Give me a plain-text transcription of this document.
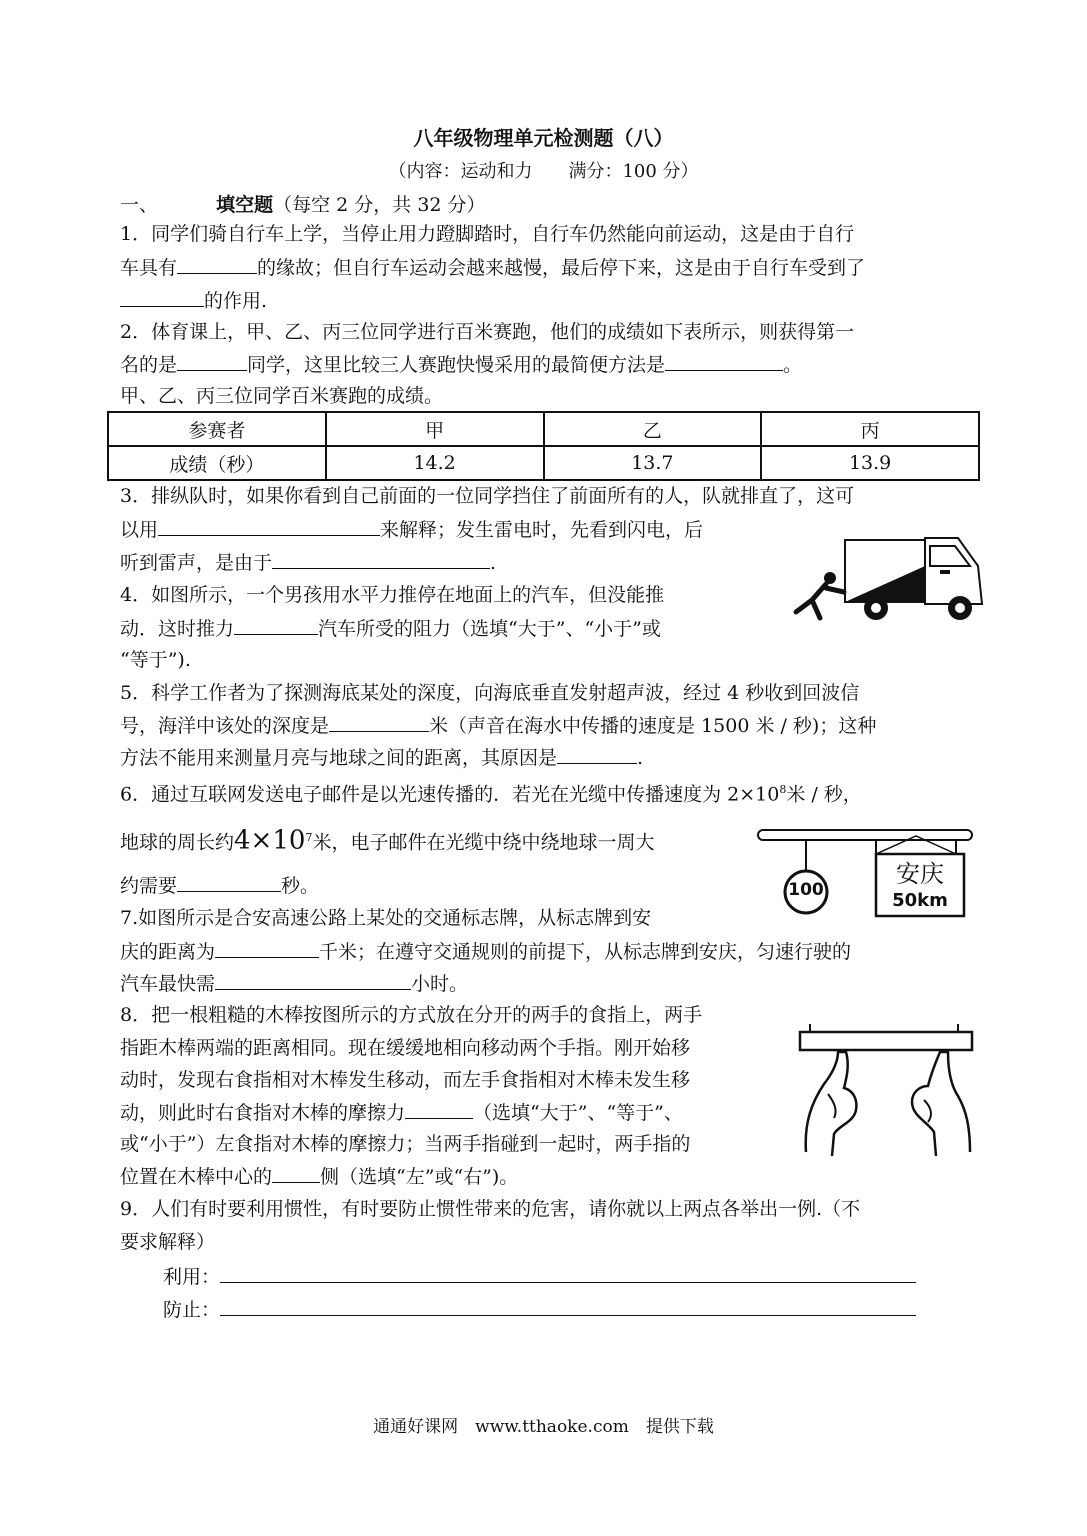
八年级物理单元检测题（八）
（内容：运动和力　　满分：100 分）
一、	填空题（每空 2 分，共 32 分）
1．同学们骑自行车上学，当停止用力蹬脚踏时，自行车仍然能向前运动，这是由于自行
车具有	的缘故；但自行车运动会越来越慢，最后停下来，这是由于自行车受到了
的作用.
2．体育课上，甲、乙、丙三位同学进行百米赛跑，他们的成绩如下表所示，则获得第一
名的是	同学，这里比较三人赛跑快慢采用的最简便方法是	。
甲、乙、丙三位同学百米赛跑的成绩。
参赛者	甲	乙	丙
成绩（秒）	14.2	13.7	13.9
3．排纵队时，如果你看到自己前面的一位同学挡住了前面所有的人，队就排直了，这可
以用	来解释；发生雷电时，先看到闪电，后
听到雷声，是由于	.
4．如图所示，一个男孩用水平力推停在地面上的汽车，但没能推
动．这时推力	汽车所受的阻力（选填“大于”、“小于”或
“等于”).
5．科学工作者为了探测海底某处的深度，向海底垂直发射超声波，经过 4 秒收到回波信
号，海洋中该处的深度是	米（声音在海水中传播的速度是 1500 米 / 秒)；这种
方法不能用来测量月亮与地球之间的距离，其原因是	.
6．通过互联网发送电子邮件是以光速传播的．若光在光缆中传播速度为 $2\times 10^8$米 / 秒，
地球的周长约$4\times 10^7$米，电子邮件在光缆中绕中绕地球一周大
约需要	秒。	100
安庆
50km
7.如图所示是合安高速公路上某处的交通标志牌，从标志牌到安
庆的距离为	千米；在遵守交通规则的前提下，从标志牌到安庆，匀速行驶的
汽车最快需	小时。
8．把一根粗糙的木棒按图所示的方式放在分开的两手的食指上，两手
指距木棒两端的距离相同。现在缓缓地相向移动两个手指。刚开始移
动时，发现右食指相对木棒发生移动，而左手食指相对木棒未发生移
动，则此时右食指对木棒的摩擦力	（选填“大于”、“等于”、
或“小于”）左食指对木棒的摩擦力；当两手指碰到一起时，两手指的
位置在木棒中心的	侧（选填“左”或“右”)。
9．人们有时要利用惯性，有时要防止惯性带来的危害，请你就以上两点各举出一例.（不
要求解释）
利用：
防止：
通通好课网　www.tthaoke.com　提供下载
